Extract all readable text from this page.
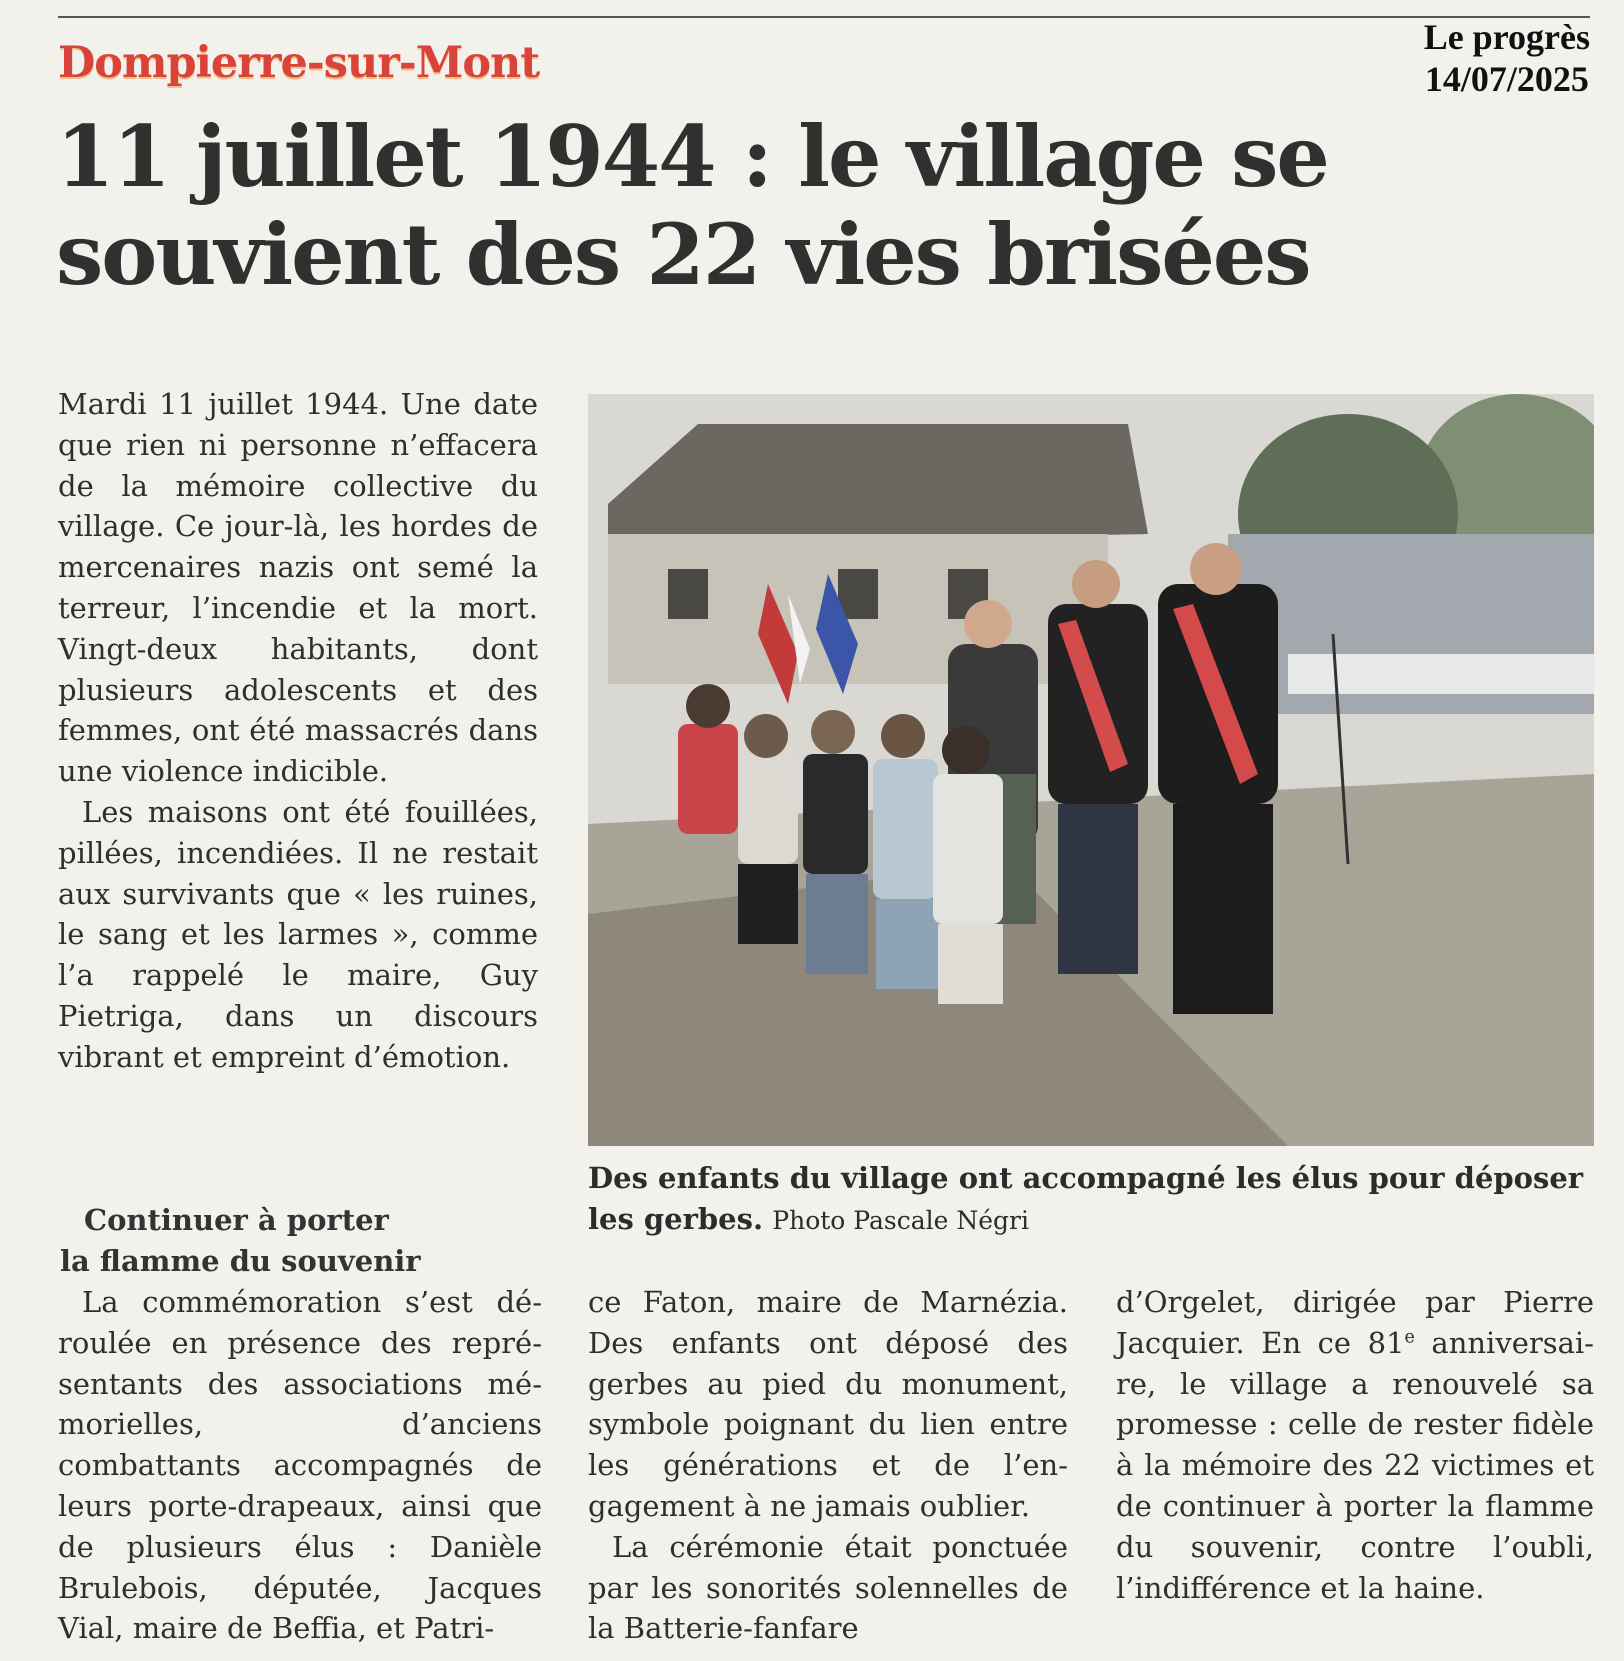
Le progrès
14/07/2025
Dompierre-sur-Mont
11 juillet 1944 : le village se souvient des 22 vies brisées

Mardi 11 juillet 1944. Une date que rien ni personne n’effacera de la mémoire collective du village. Ce jour-là, les hordes de mercenaires nazis ont semé la terreur, l’incendie et la mort. Vingt-deux habitants, dont plusieurs adolescents et des femmes, ont été massacrés dans une violence indicible.

Les maisons ont été fouillées, pillées, incendiées. Il ne restait aux survivants que « les ruines, le sang et les larmes », comme l’a rappelé le maire, Guy Pietriga, dans un discours vibrant et empreint d’émotion.

Des enfants du village ont accompagné les élus pour déposer les gerbes. Photo Pascale Négri
Continuer à porter
la flamme du souvenir

La commémoration s’est déroulée en présence des représentants des associations mémorielles, d’anciens combattants accompagnés de leurs porte-drapeaux, ainsi que de plusieurs élus : Danièle Brulebois, députée, Jacques Vial, maire de Beffia, et Patri-

ce Faton, maire de Marnézia. Des enfants ont déposé des gerbes au pied du monument, symbole poignant du lien entre les générations et de l’engagement à ne jamais oublier.

La cérémonie était ponctuée par les sonorités solennelles de la Batterie-fanfare

d’Orgelet, dirigée par Pierre Jacquier. En ce 81e anniversaire, le village a renouvelé sa promesse : celle de rester fidèle à la mémoire des 22 victimes et de continuer à porter la flamme du souvenir, contre l’oubli, l’indifférence et la haine.
